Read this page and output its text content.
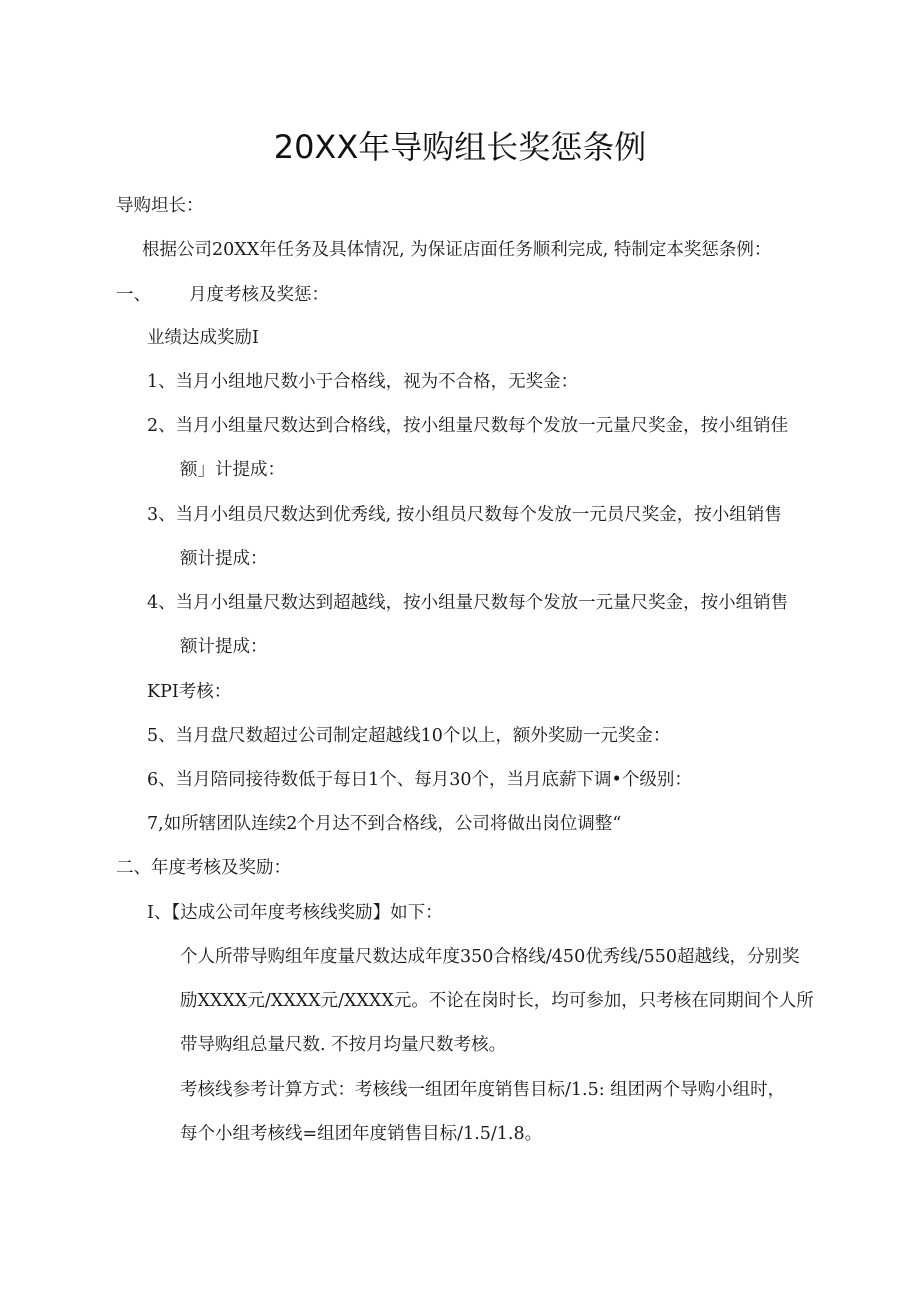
20XX年导购组长奖惩条例

导购坦长：

根据公司20XX年任务及具体情况, 为保证店面任务顺利完成, 特制定本奖惩条例：

一、 月度考核及奖惩：

业绩达成奖励I

1、当月小组地尺数小于合格线，视为不合格，无奖金：

2、当月小组量尺数达到合格线，按小组量尺数每个发放一元量尺奖金，按小组销佳

额」计提成：

3、当月小组员尺数达到优秀线, 按小组员尺数每个发放一元员尺奖金，按小组销售

额计提成：

4、当月小组量尺数达到超越线，按小组量尺数每个发放一元量尺奖金，按小组销售

额计提成：

KPI考核：

5、当月盘尺数超过公司制定超越线10个以上，额外奖励一元奖金：

6、当月陪同接待数低于每日1个、每月30个，当月底薪下调•个级别：

7,如所辖团队连续2个月达不到合格线，公司将做出岗位调整“

二、年度考核及奖励：

I、【达成公司年度考核线奖励】如下：

个人所带导购组年度量尺数达成年度350合格线/450优秀线/550超越线，分别奖

励XXXX元/XXXX元/XXXX元。不论在岗时长，均可参加，只考核在同期间个人所

带导购组总量尺数. 不按月均量尺数考核。

考核线参考计算方式：考核线一组团年度销售目标/1.5: 组团两个导购小组时，

每个小组考核线=组团年度销售目标/1.5/1.8。
